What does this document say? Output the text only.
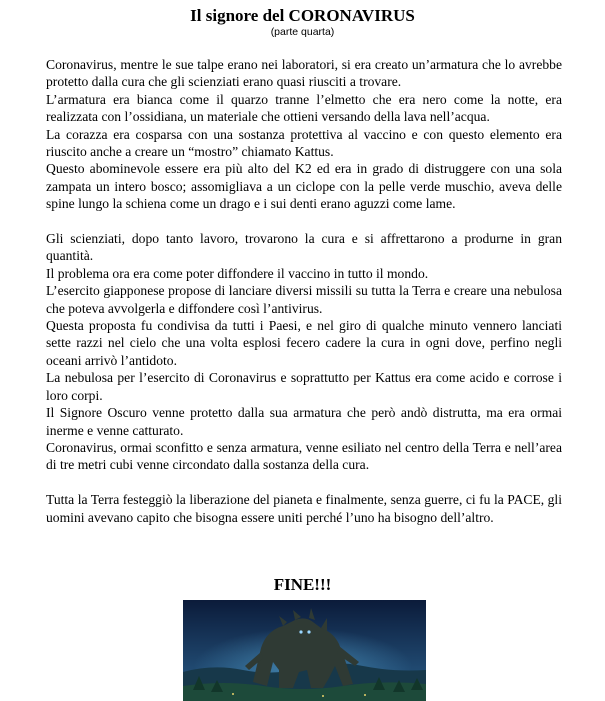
Il signore del CORONAVIRUS
(parte quarta)

Coronavirus, mentre le sue talpe erano nei laboratori, si era creato un’armatura che lo avrebbe protetto dalla cura che gli scienziati erano quasi riusciti a trovare.

L’armatura era bianca come il quarzo tranne l’elmetto che era nero come la notte, era realizzata con l’ossidiana, un materiale che ottieni versando della lava nell’acqua.

La corazza era cosparsa con una sostanza protettiva al vaccino e con questo elemento era riuscito anche a creare un “mostro” chiamato Kattus.

Questo abominevole essere era più alto del K2 ed era in grado di distruggere con una sola zampata un intero bosco; assomigliava a un ciclope con la pelle verde muschio, aveva delle spine lungo la schiena come un drago e i sui denti erano aguzzi come lame.

Gli scienziati, dopo tanto lavoro, trovarono la cura e si affrettarono a produrne in gran quantità.

Il problema ora era come poter diffondere il vaccino in tutto il mondo.

L’esercito giapponese propose di lanciare diversi missili su tutta la Terra e creare una nebulosa che poteva avvolgerla e diffondere così l’antivirus.

Questa proposta fu condivisa da tutti i Paesi, e nel giro di qualche minuto vennero lanciati sette razzi nel cielo che una volta esplosi fecero cadere la cura in ogni dove, perfino negli oceani arrivò l’antidoto.

La nebulosa per l’esercito di Coronavirus e soprattutto per Kattus era come acido e corrose i loro corpi.

Il Signore Oscuro venne protetto dalla sua armatura che però andò distrutta, ma era ormai inerme e venne catturato.

Coronavirus, ormai sconfitto e senza armatura, venne esiliato nel centro della Terra e nell’area di tre metri cubi venne circondato dalla sostanza della cura.

Tutta la Terra festeggiò la liberazione del pianeta e finalmente, senza guerre, ci fu la PACE, gli uomini avevano capito che bisogna essere uniti perché l’uno ha bisogno dell’altro.

FINE!!!
